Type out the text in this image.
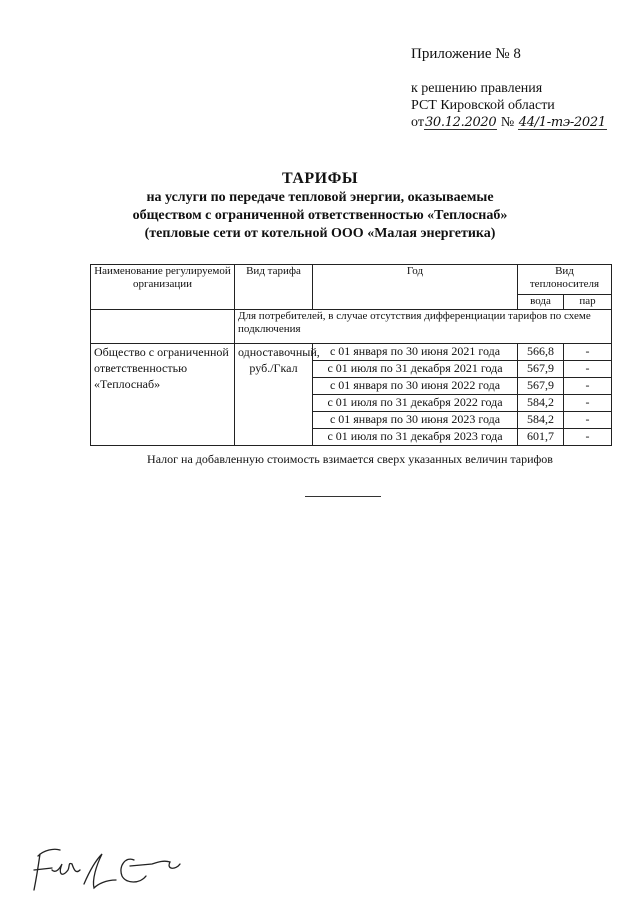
Приложение № 8
к решению правления
РСТ Кировской области
от30.12.2020 № 44/1-тэ-2021
ТАРИФЫ
на услуги по передаче тепловой энергии, оказываемые
обществом с ограниченной ответственностью «Теплоснаб»
(тепловые сети от котельной ООО «Малая энергетика)
Наименование регулируемой организации	Вид тарифа	Год	Вид теплоносителя	
			вода	пар
	Для потребителей, в случае отсутствия дифференциации тарифов по схеме подключения			
Общество с ограниченной ответственностью «Теплоснаб»	одноставочный, руб./Гкал	с 01 января по 30 июня 2021 года	566,8	-
		с 01 июля по 31 декабря 2021 года	567,9	-
		с 01 января по 30 июня 2022 года	567,9	-
		с 01 июля по 31 декабря 2022 года	584,2	-
		с 01 января по 30 июня 2023 года	584,2	-
		с 01 июля по 31 декабря 2023 года	601,7	-
Налог на добавленную стоимость взимается сверх указанных величин тарифов
